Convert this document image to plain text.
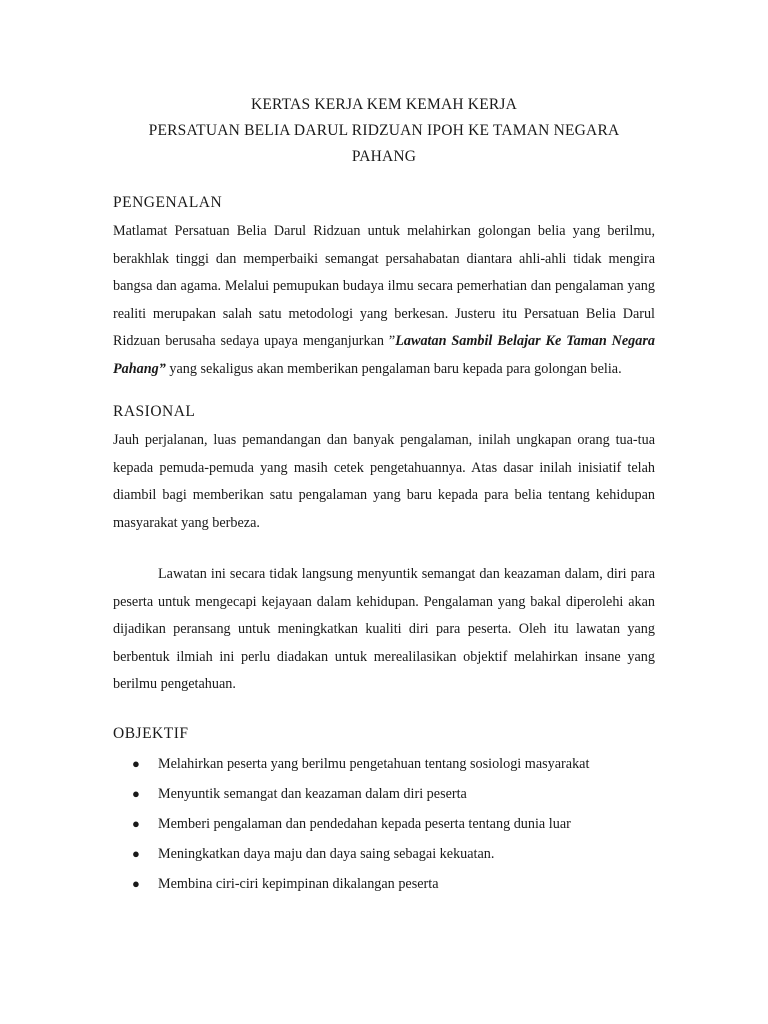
KERTAS KERJA KEM KEMAH KERJA
PERSATUAN BELIA DARUL RIDZUAN IPOH KE TAMAN NEGARA
PAHANG
PENGENALAN

Matlamat Persatuan Belia Darul Ridzuan untuk melahirkan golongan belia yang berilmu, berakhlak tinggi dan memperbaiki semangat persahabatan diantara ahli-ahli tidak mengira bangsa dan agama. Melalui pemupukan budaya ilmu secara pemerhatian dan pengalaman yang realiti merupakan salah satu metodologi yang berkesan. Justeru itu Persatuan Belia Darul Ridzuan berusaha sedaya upaya menganjurkan ”Lawatan Sambil Belajar Ke Taman Negara Pahang” yang sekaligus akan memberikan pengalaman baru kepada para golongan belia.

RASIONAL

Jauh perjalanan, luas pemandangan dan banyak pengalaman, inilah ungkapan orang tua-tua kepada pemuda-pemuda yang masih cetek pengetahuannya. Atas dasar inilah inisiatif telah diambil bagi memberikan satu pengalaman yang baru kepada para belia tentang kehidupan masyarakat yang berbeza.

Lawatan ini secara tidak langsung menyuntik semangat dan keazaman dalam, diri para peserta untuk mengecapi kejayaan dalam kehidupan. Pengalaman yang bakal diperolehi akan dijadikan peransang untuk meningkatkan kualiti diri para peserta. Oleh itu lawatan yang berbentuk ilmiah ini perlu diadakan untuk merealilasikan objektif melahirkan insane yang berilmu pengetahuan.

OBJEKTIF
● Melahirkan peserta yang berilmu pengetahuan tentang sosiologi masyarakat
● Menyuntik semangat dan keazaman dalam diri peserta
● Memberi pengalaman dan pendedahan kepada peserta tentang dunia luar
● Meningkatkan daya maju dan daya saing sebagai kekuatan.
● Membina ciri-ciri kepimpinan dikalangan peserta
